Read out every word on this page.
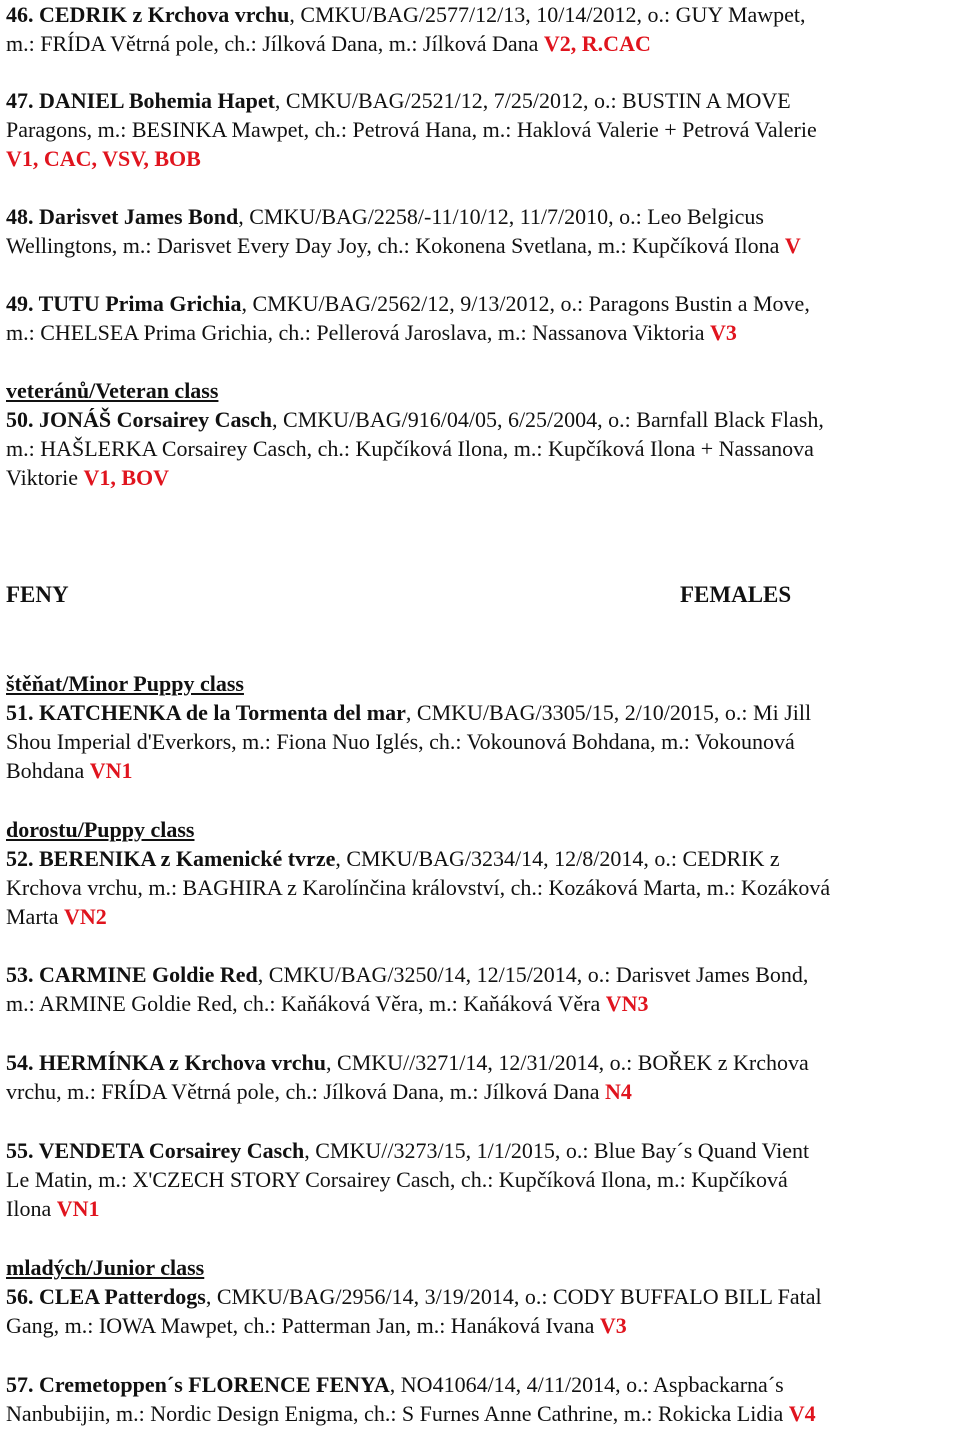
46. CEDRIK z Krchova vrchu, CMKU/BAG/2577/12/13, 10/14/2012, o.: GUY Mawpet,
m.: FRÍDA Větrná pole, ch.: Jílková Dana, m.: Jílková Dana V2, R.CAC
47. DANIEL Bohemia Hapet, CMKU/BAG/2521/12, 7/25/2012, o.: BUSTIN A MOVE
Paragons, m.: BESINKA Mawpet, ch.: Petrová Hana, m.: Haklová Valerie + Petrová Valerie
V1, CAC, VSV, BOB
48. Darisvet James Bond, CMKU/BAG/2258/-11/10/12, 11/7/2010, o.: Leo Belgicus
Wellingtons, m.: Darisvet Every Day Joy, ch.: Kokonena Svetlana, m.: Kupčíková Ilona V
49. TUTU Prima Grichia, CMKU/BAG/2562/12, 9/13/2012, o.: Paragons Bustin a Move,
m.: CHELSEA Prima Grichia, ch.: Pellerová Jaroslava, m.: Nassanova Viktoria V3
veteránů/Veteran class
50. JONÁŠ Corsairey Casch, CMKU/BAG/916/04/05, 6/25/2004, o.: Barnfall Black Flash,
m.: HAŠLERKA Corsairey Casch, ch.: Kupčíková Ilona, m.: Kupčíková Ilona + Nassanova
Viktorie V1, BOV
FENY	FEMALES
štěňat/Minor Puppy class
51. KATCHENKA de la Tormenta del mar, CMKU/BAG/3305/15, 2/10/2015, o.: Mi Jill
Shou Imperial d'Everkors, m.: Fiona Nuo Iglés, ch.: Vokounová Bohdana, m.: Vokounová
Bohdana VN1
dorostu/Puppy class
52. BERENIKA z Kamenické tvrze, CMKU/BAG/3234/14, 12/8/2014, o.: CEDRIK z
Krchova vrchu, m.: BAGHIRA z Karolínčina království, ch.: Kozáková Marta, m.: Kozáková
Marta VN2
53. CARMINE Goldie Red, CMKU/BAG/3250/14, 12/15/2014, o.: Darisvet James Bond,
m.: ARMINE Goldie Red, ch.: Kaňáková Věra, m.: Kaňáková Věra VN3
54. HERMÍNKA z Krchova vrchu, CMKU//3271/14, 12/31/2014, o.: BOŘEK z Krchova
vrchu, m.: FRÍDA Větrná pole, ch.: Jílková Dana, m.: Jílková Dana N4
55. VENDETA Corsairey Casch, CMKU//3273/15, 1/1/2015, o.: Blue Bay´s Quand Vient
Le Matin, m.: X'CZECH STORY Corsairey Casch, ch.: Kupčíková Ilona, m.: Kupčíková
Ilona VN1
mladých/Junior class
56. CLEA Patterdogs, CMKU/BAG/2956/14, 3/19/2014, o.: CODY BUFFALO BILL Fatal
Gang, m.: IOWA Mawpet, ch.: Patterman Jan, m.: Hanáková Ivana V3
57. Cremetoppen´s FLORENCE FENYA, NO41064/14, 4/11/2014, o.: Aspbackarna´s
Nanbubijin, m.: Nordic Design Enigma, ch.: S Furnes Anne Cathrine, m.: Rokicka Lidia V4
